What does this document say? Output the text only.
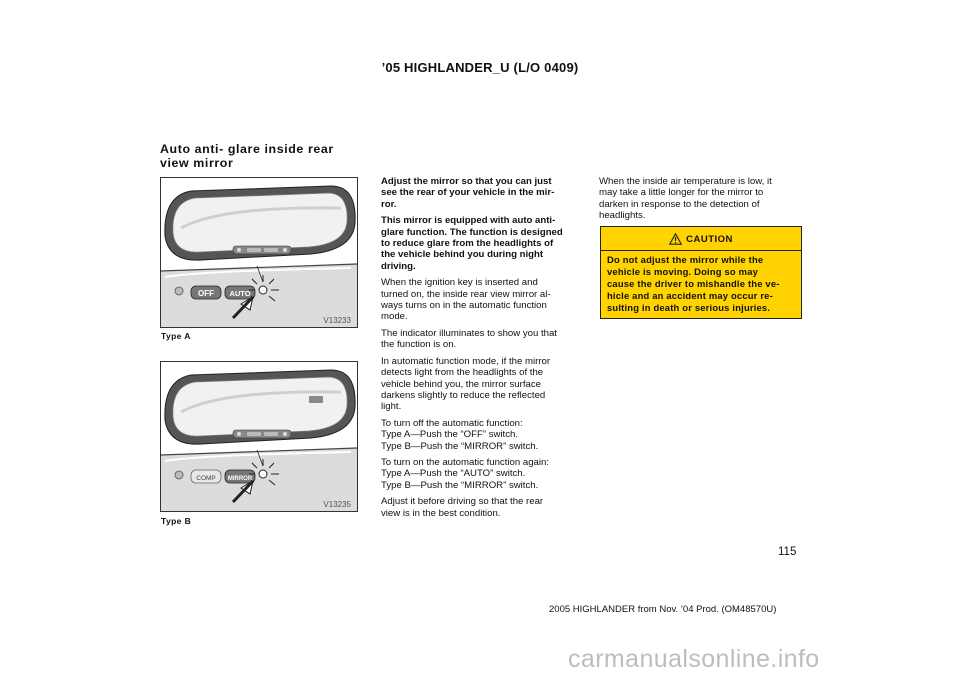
’05 HIGHLANDER_U (L/O 0409)
Auto anti- glare inside rear
view mirror
OFF AUTO
V13233
Type A
COMP MIRROR
V13235
Type B

Adjust the mirror so that you can just
see the rear of your vehicle in the mir-
ror.

This mirror is equipped with auto anti-
glare function. The function is designed
to reduce glare from the headlights of
the vehicle behind you during night
driving.

When the ignition key is inserted and
turned on, the inside rear view mirror al-
ways turns on in the automatic function
mode.

The indicator illuminates to show you that
the function is on.

In automatic function mode, if the mirror
detects light from the headlights of the
vehicle behind you, the mirror surface
darkens slightly to reduce the reflected
light.

To turn off the automatic function:
Type A—Push the “OFF” switch.
Type B—Push the “MIRROR” switch.

To turn on the automatic function again:
Type A—Push the “AUTO” switch.
Type B—Push the “MIRROR” switch.

Adjust it before driving so that the rear
view is in the best condition.

When the inside air temperature is low, it
may take a little longer for the mirror to
darken in response to the detection of
headlights.

CAUTION
Do not adjust the mirror while the
vehicle is moving. Doing so may
cause the driver to mishandle the ve-
hicle and an accident may occur re-
sulting in death or serious injuries.
115
2005 HIGHLANDER from Nov. ’04 Prod. (OM48570U)
carmanualsonline.info
